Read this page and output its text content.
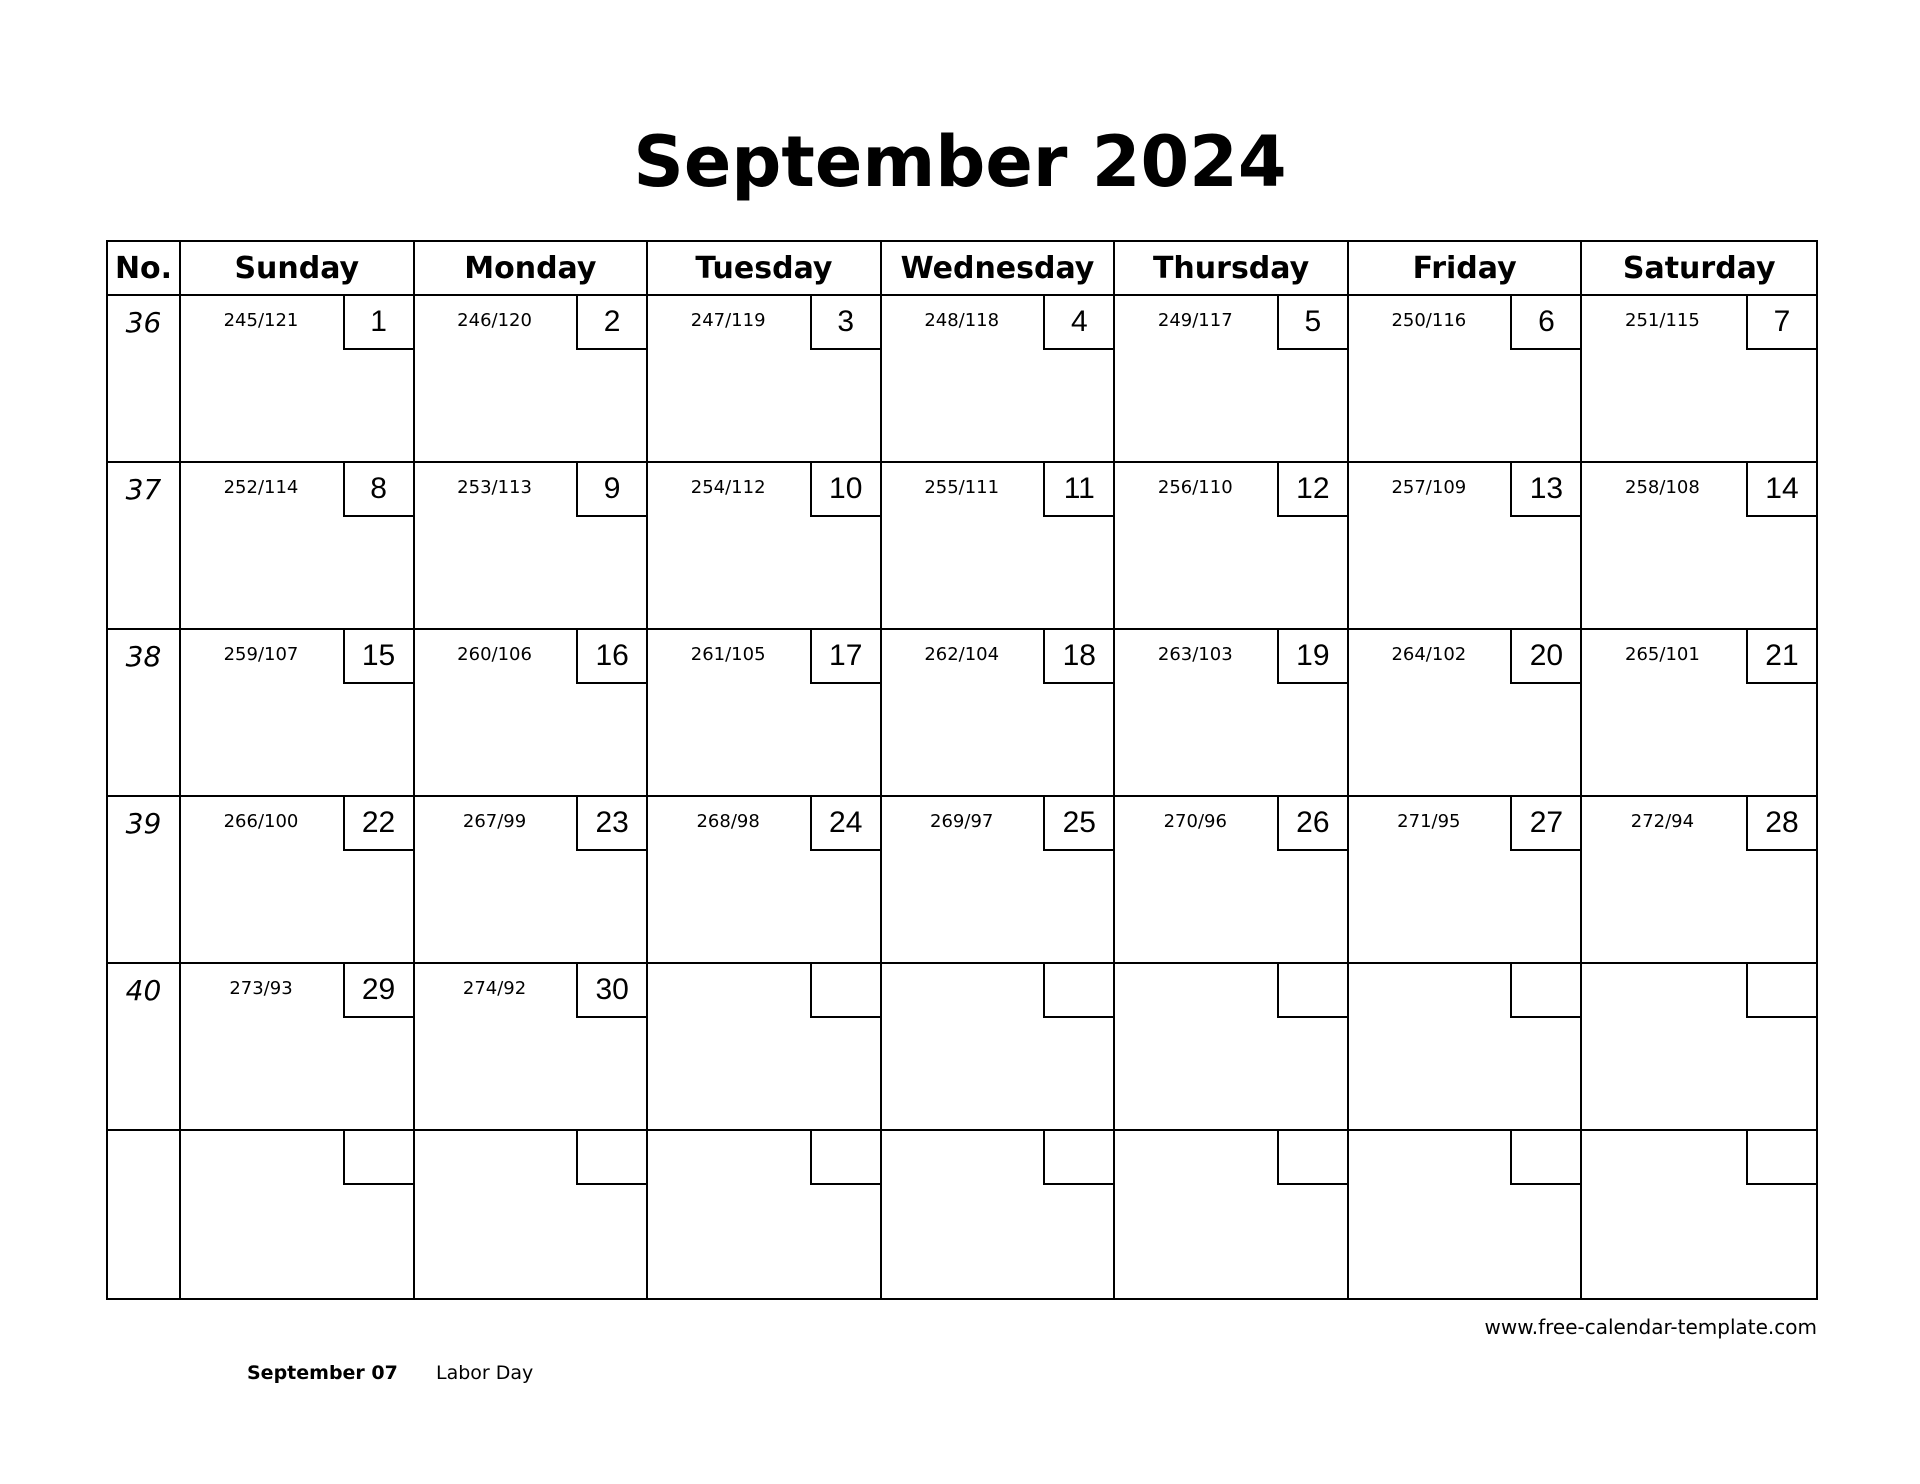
September 2024
No.	Sunday	Monday	Tuesday	Wednesday	Thursday	Friday	Saturday
36	245/121	1	246/120	2	247/119	3	248/118	4	249/117	5	250/116	6	251/115	7
37	252/114	8	253/113	9	254/112	10	255/111	11	256/110	12	257/109	13	258/108	14
38	259/107	15	260/106	16	261/105	17	262/104	18	263/103	19	264/102	20	265/101	21
39	266/100	22	267/99	23	268/98	24	269/97	25	270/96	26	271/95	27	272/94	28
40	273/93	29	274/92	30
www.free-calendar-template.com
September 07 Labor Day
